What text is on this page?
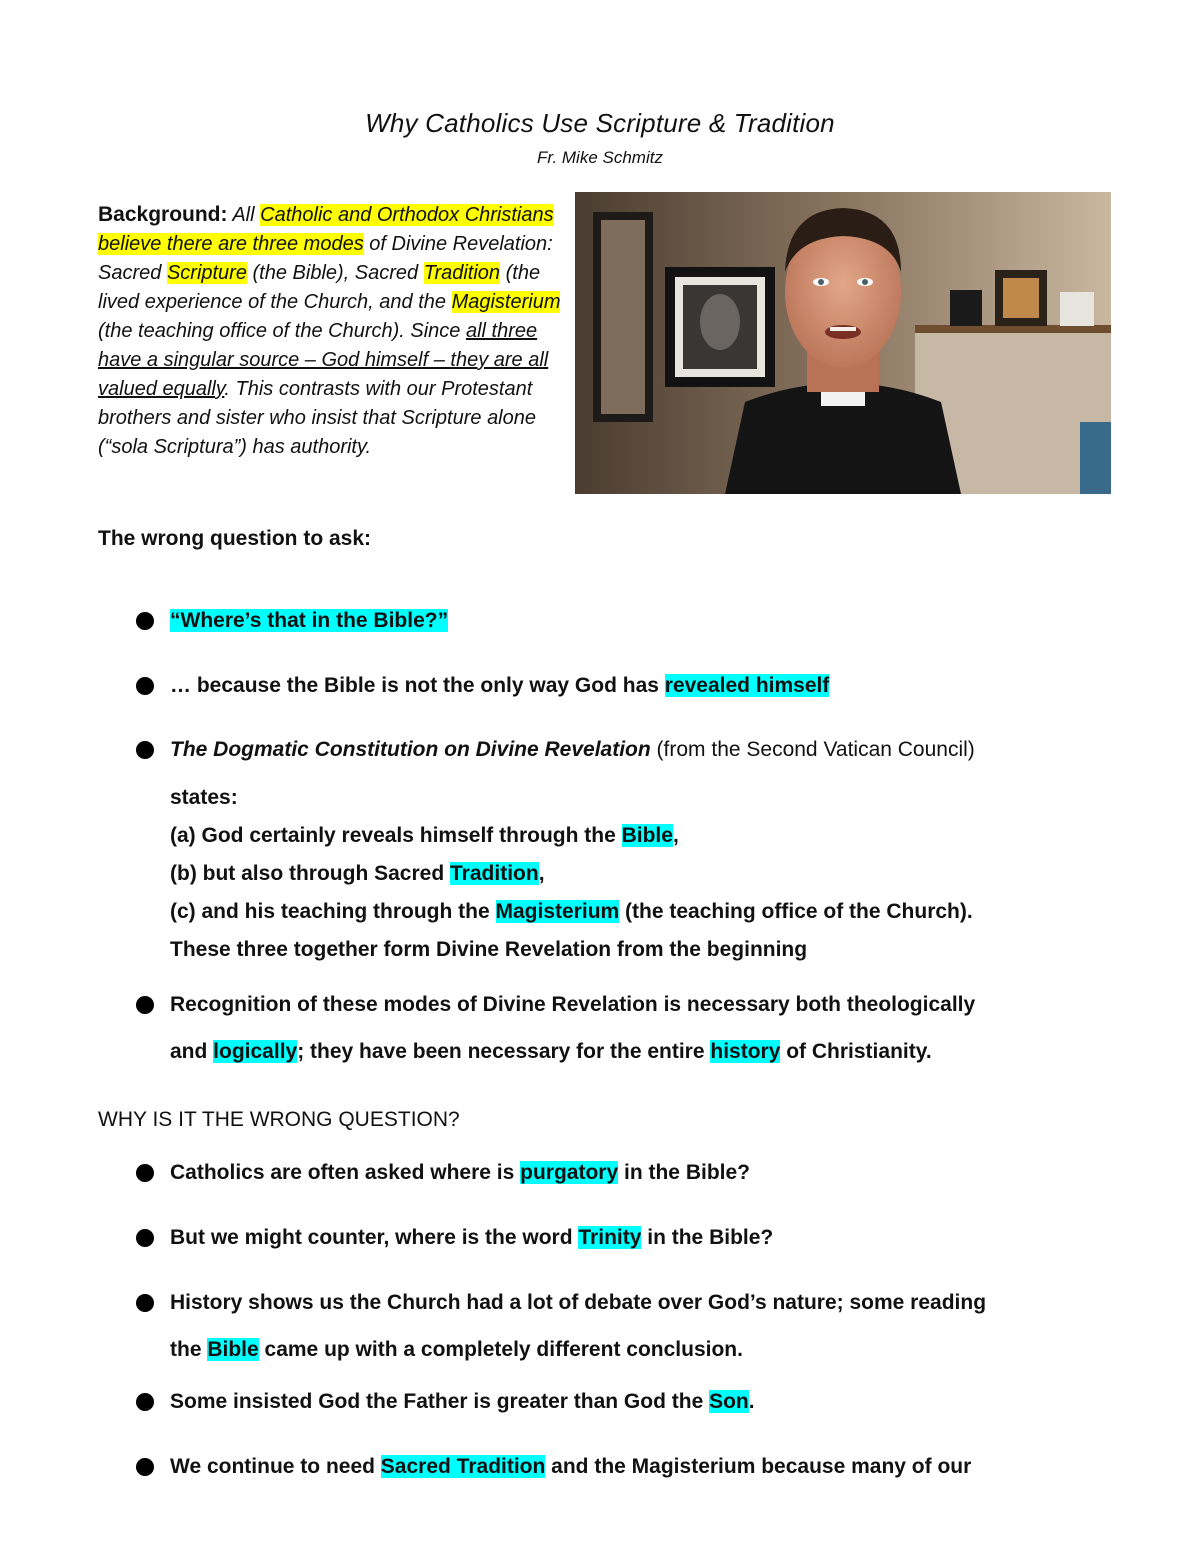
Why Catholics Use Scripture & Tradition
Fr. Mike Schmitz
Background: All Catholic and Orthodox Christians believe there are three modes of Divine Revelation: Sacred Scripture (the Bible), Sacred Tradition (the lived experience of the Church, and the Magisterium (the teaching office of the Church). Since all three have a singular source – God himself – they are all valued equally. This contrasts with our Protestant brothers and sister who insist that Scripture alone (“sola Scriptura”) has authority.
The wrong question to ask:
“Where’s that in the Bible?”
… because the Bible is not the only way God has revealed himself
The Dogmatic Constitution on Divine Revelation (from the Second Vatican Council)
states:
(a) God certainly reveals himself through the Bible,
(b) but also through Sacred Tradition,
(c) and his teaching through the Magisterium (the teaching office of the Church).
These three together form Divine Revelation from the beginning
Recognition of these modes of Divine Revelation is necessary both theologically
and logically; they have been necessary for the entire history of Christianity.
WHY IS IT THE WRONG QUESTION?
Catholics are often asked where is purgatory in the Bible?
But we might counter, where is the word Trinity in the Bible?
History shows us the Church had a lot of debate over God’s nature; some reading
the Bible came up with a completely different conclusion.
Some insisted God the Father is greater than God the Son.
We continue to need Sacred Tradition and the Magisterium because many of our
